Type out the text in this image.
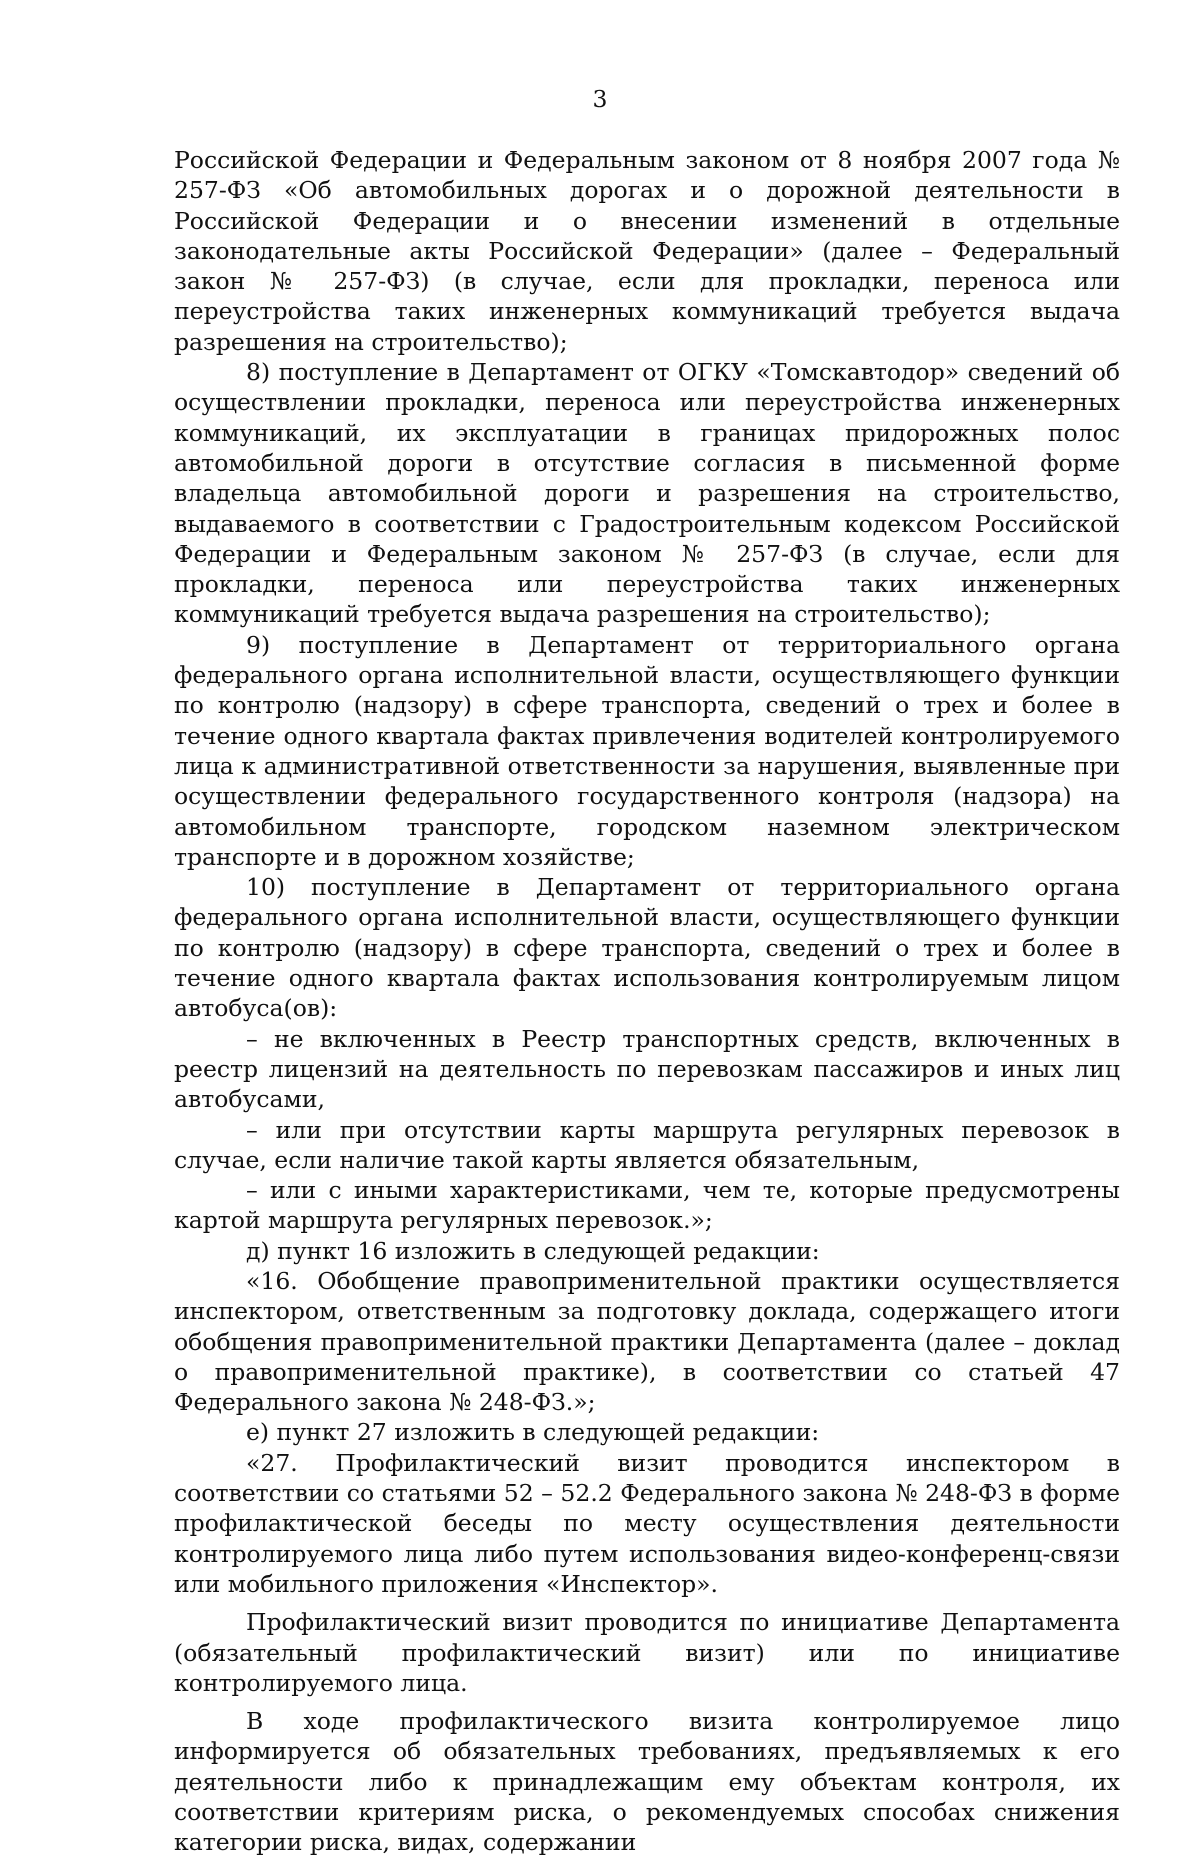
3

Российской Федерации и Федеральным законом от 8 ноября 2007 года № 257-ФЗ «Об автомобильных дорогах и о дорожной деятельности в Российской Федерации и о внесении изменений в отдельные законодательные акты Российской Федерации» (далее – Федеральный закон № 257-ФЗ) (в случае, если для прокладки, переноса или переустройства таких инженерных коммуникаций требуется выдача разрешения на строительство);

8) поступление в Департамент от ОГКУ «Томскавтодор» сведений об осуществлении прокладки, переноса или переустройства инженерных коммуникаций, их эксплуатации в границах придорожных полос автомобильной дороги в отсутствие согласия в письменной форме владельца автомобильной дороги и разрешения на строительство, выдаваемого в соответствии с Градостроительным кодексом Российской Федерации и Федеральным законом № 257-ФЗ (в случае, если для прокладки, переноса или переустройства таких инженерных коммуникаций требуется выдача разрешения на строительство);

9) поступление в Департамент от территориального органа федерального органа исполнительной власти, осуществляющего функции по контролю (надзору) в сфере транспорта, сведений о трех и более в течение одного квартала фактах привлечения водителей контролируемого лица к административной ответственности за нарушения, выявленные при осуществлении федерального государственного контроля (надзора) на автомобильном транспорте, городском наземном электрическом транспорте и в дорожном хозяйстве;

10) поступление в Департамент от территориального органа федерального органа исполнительной власти, осуществляющего функции по контролю (надзору) в сфере транспорта, сведений о трех и более в течение одного квартала фактах использования контролируемым лицом автобуса(ов):

– не включенных в Реестр транспортных средств, включенных в реестр лицензий на деятельность по перевозкам пассажиров и иных лиц автобусами,

– или при отсутствии карты маршрута регулярных перевозок в случае, если наличие такой карты является обязательным,

– или с иными характеристиками, чем те, которые предусмотрены картой маршрута регулярных перевозок.»;

д) пункт 16 изложить в следующей редакции:

«16. Обобщение правоприменительной практики осуществляется инспектором, ответственным за подготовку доклада, содержащего итоги обобщения правоприменительной практики Департамента (далее – доклад о правоприменительной практике), в соответствии со статьей 47 Федерального закона № 248-ФЗ.»;

е) пункт 27 изложить в следующей редакции:

«27. Профилактический визит проводится инспектором в соответствии со статьями 52 – 52.2 Федерального закона № 248-ФЗ в форме профилактической беседы по месту осуществления деятельности контролируемого лица либо путем использования видео-конференц-связи или мобильного приложения «Инспектор».

Профилактический визит проводится по инициативе Департамента (обязательный профилактический визит) или по инициативе контролируемого лица.

В ходе профилактического визита контролируемое лицо информируется об обязательных требованиях, предъявляемых к его деятельности либо к принадлежащим ему объектам контроля, их соответствии критериям риска, о рекомендуемых способах снижения категории риска, видах, содержании
